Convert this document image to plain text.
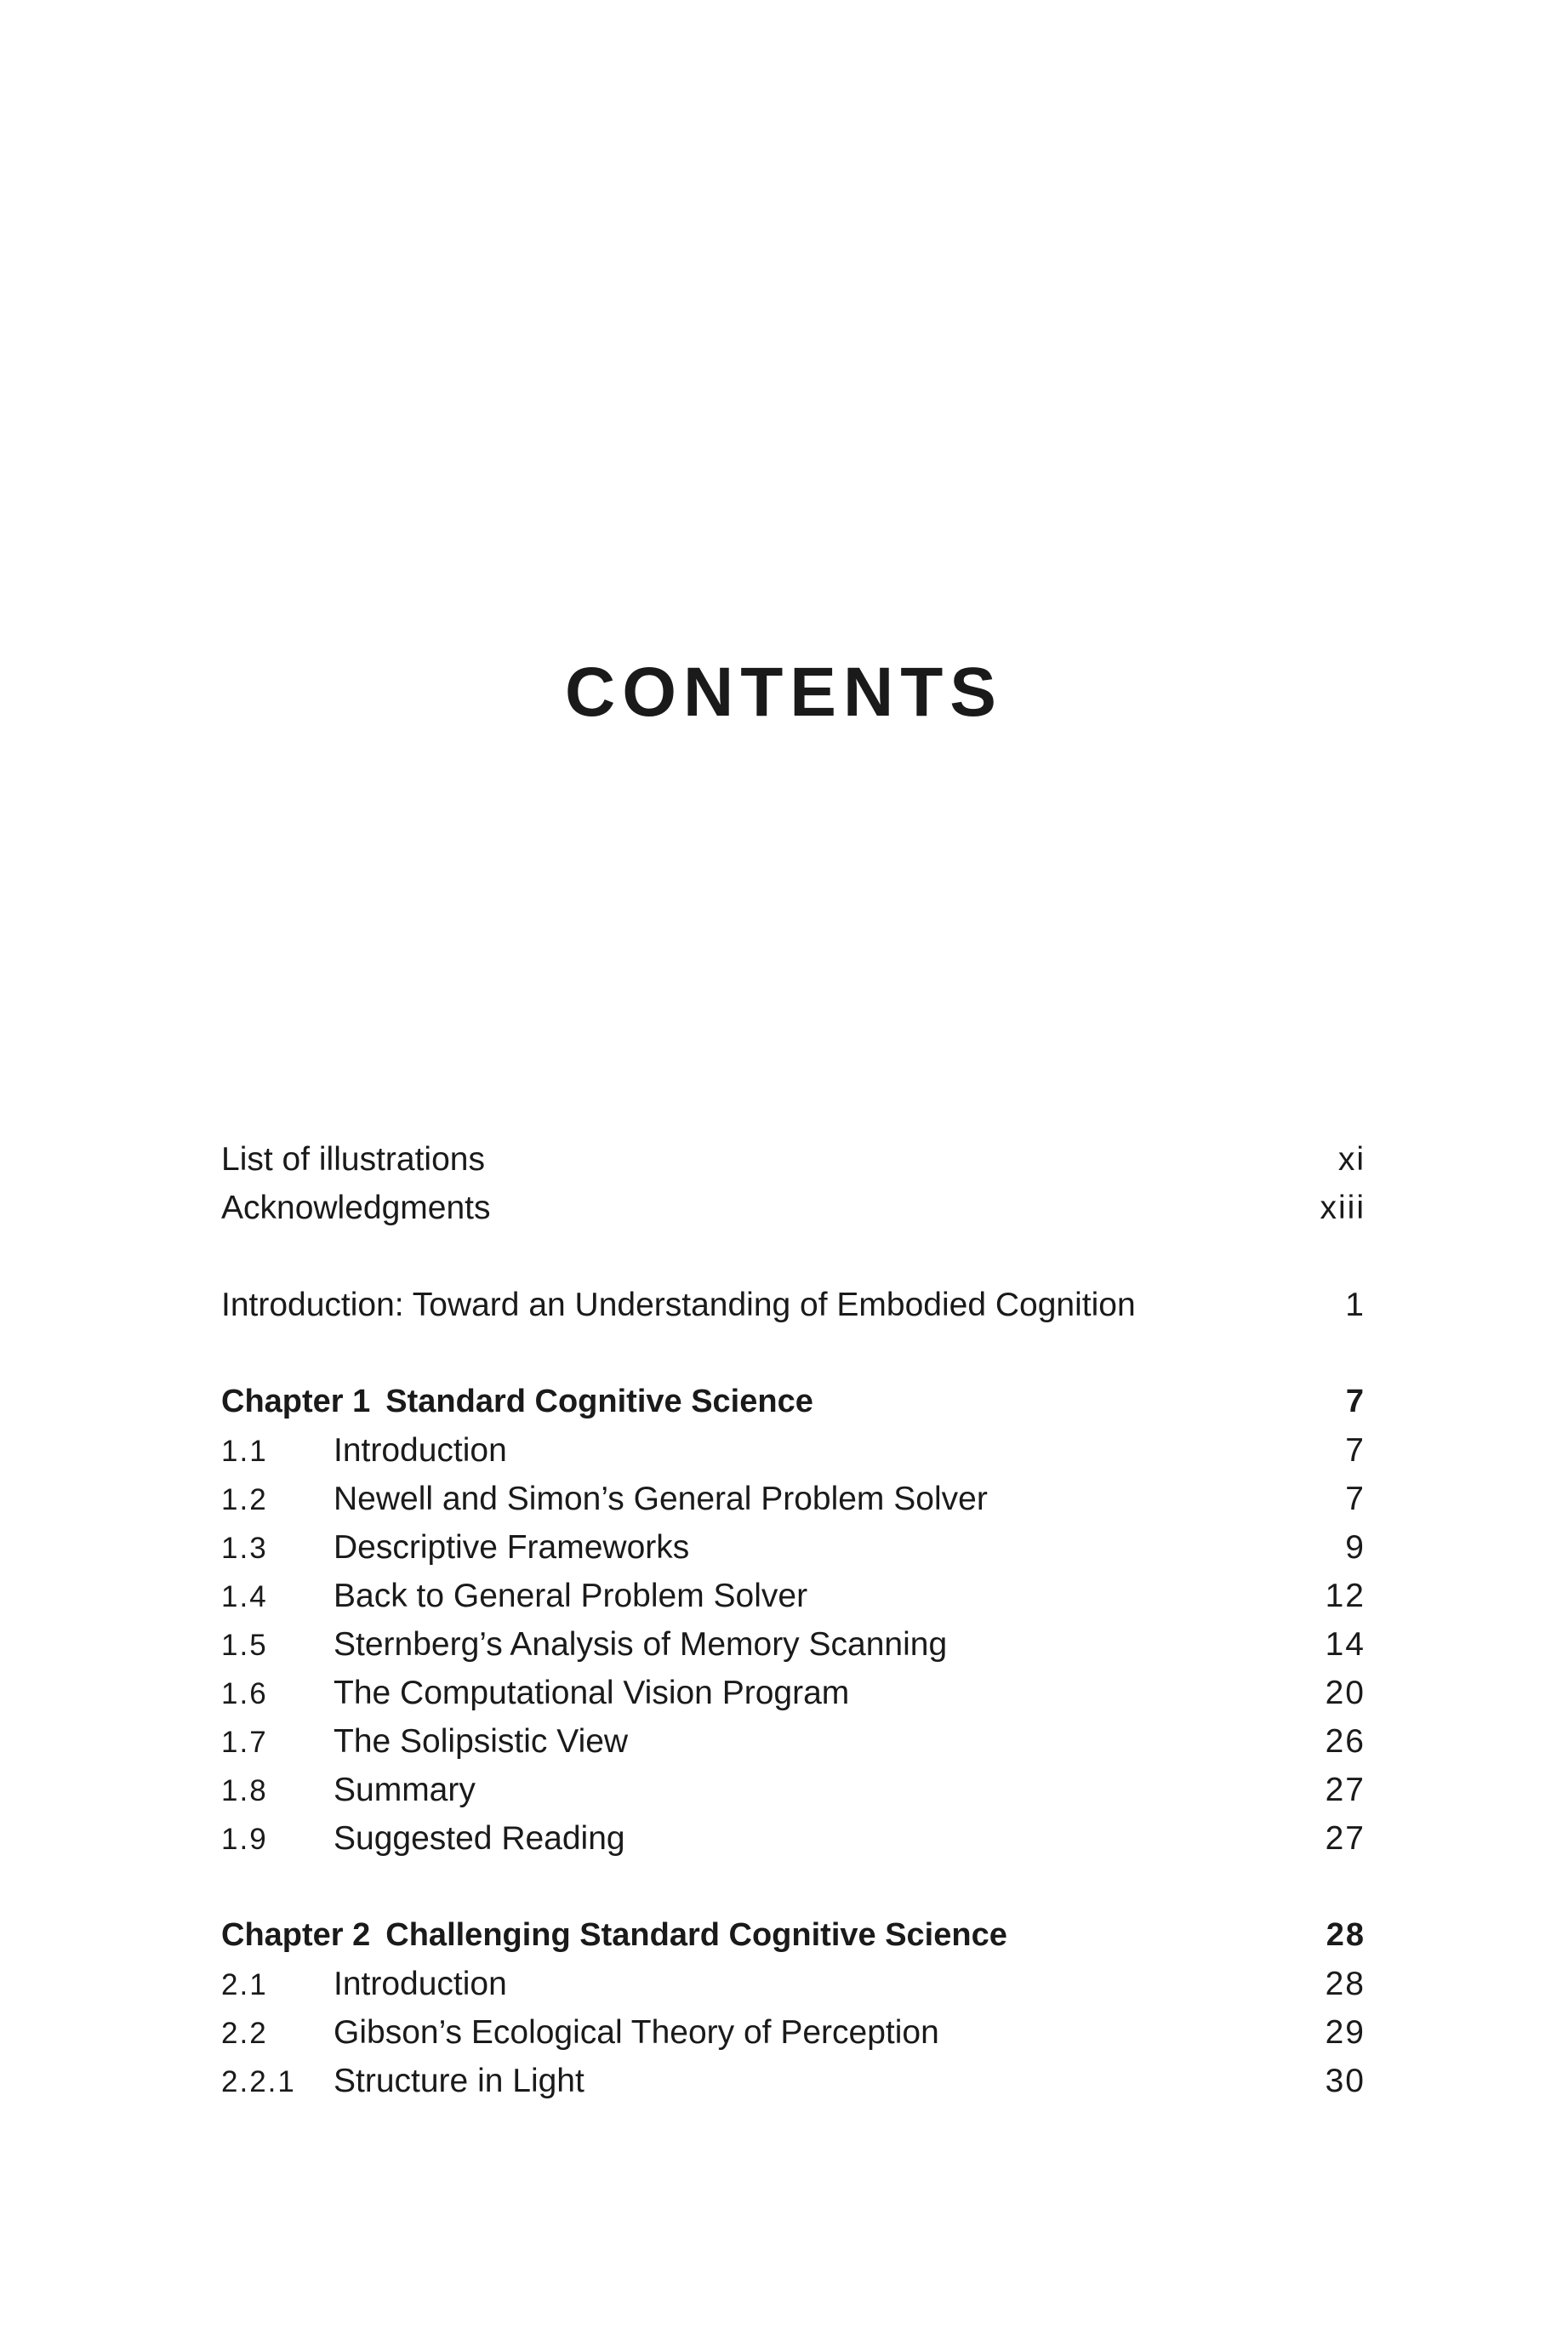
CONTENTS
List of illustrations	xi
Acknowledgments	xiii
Introduction: Toward an Understanding of Embodied Cognition	1
Chapter 1 Standard Cognitive Science	7
1.1	Introduction	7
1.2	Newell and Simon’s General Problem Solver	7
1.3	Descriptive Frameworks	9
1.4	Back to General Problem Solver	12
1.5	Sternberg’s Analysis of Memory Scanning	14
1.6	The Computational Vision Program	20
1.7	The Solipsistic View	26
1.8	Summary	27
1.9	Suggested Reading	27
Chapter 2 Challenging Standard Cognitive Science	28
2.1	Introduction	28
2.2	Gibson’s Ecological Theory of Perception	29
2.2.1	Structure in Light	30
